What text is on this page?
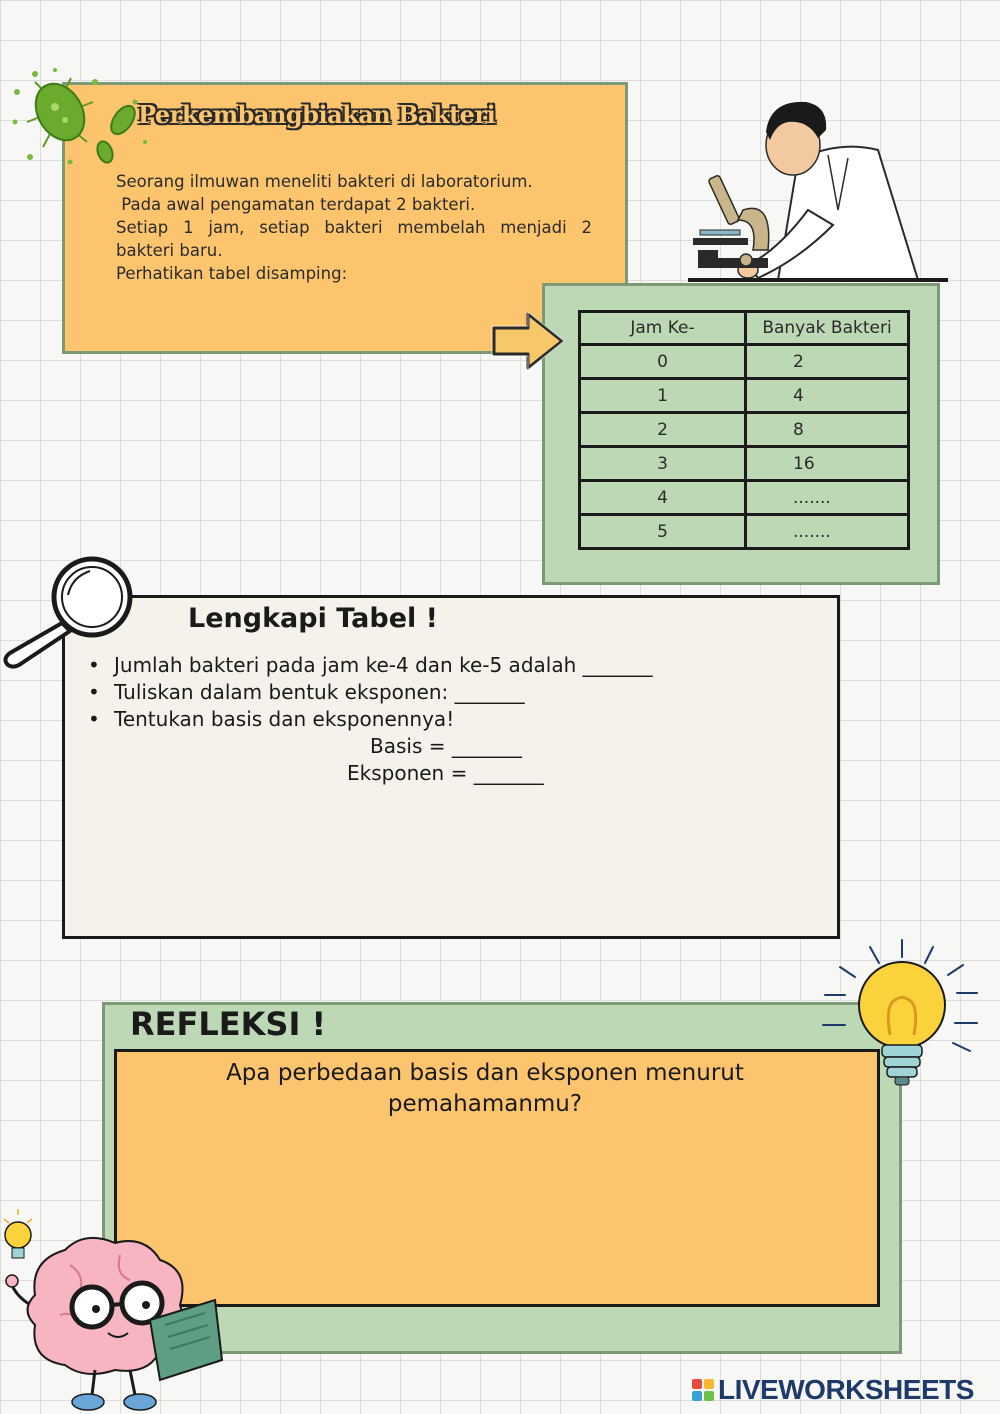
Perkembangbiakan Bakteri

Seorang ilmuwan meneliti bakteri di laboratorium.

Pada awal pengamatan terdapat 2 bakteri.

Setiap 1 jam, setiap bakteri membelah menjadi 2

bakteri baru.

Perhatikan tabel disamping:

Jam Ke-	Banyak Bakteri
0	2
1	4
2	8
3	16
4	.......
5	.......
Lengkapi Tabel !
• Jumlah bakteri pada jam ke-4 dan ke-5 adalah _______
• Tuliskan dalam bentuk eksponen: _______
• Tentukan basis dan eksponennya!
Basis = _______
Eksponen = _______
REFLEKSI !
Apa perbedaan basis dan eksponen menurut pemahamanmu?
LIVEWORKSHEETS
